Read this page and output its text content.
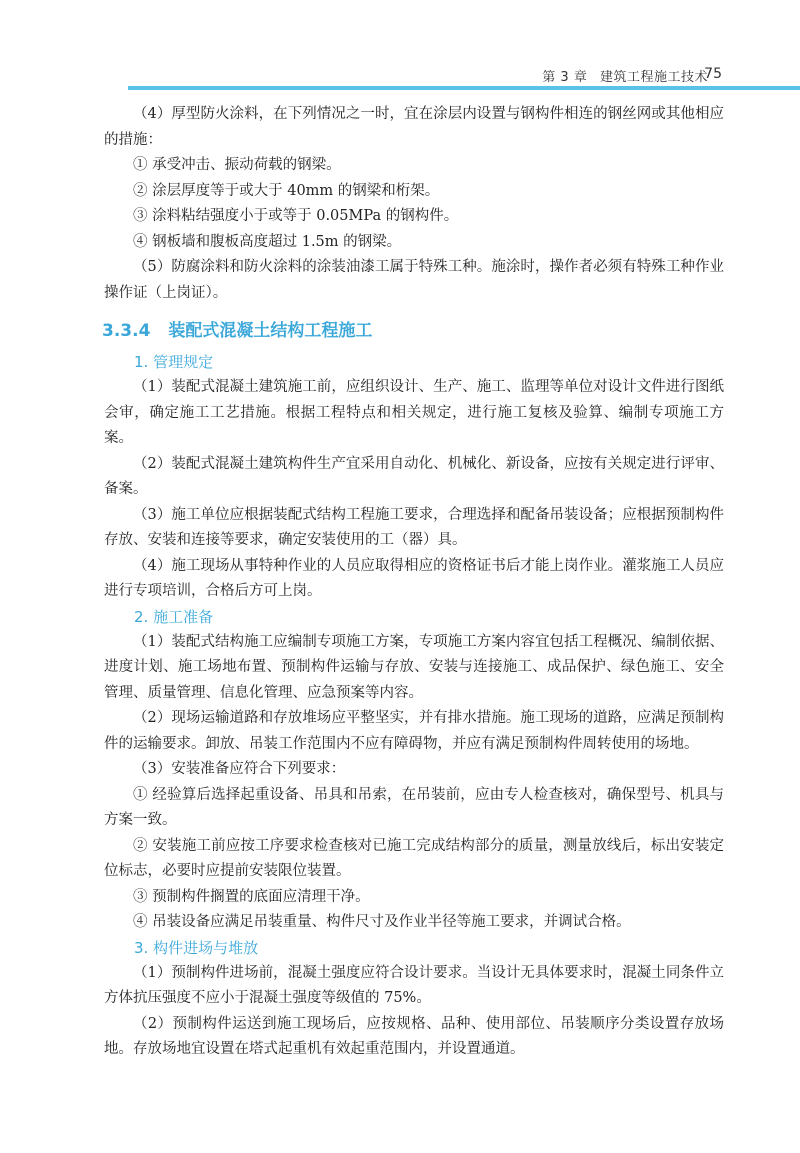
第 3 章 建筑工程施工技术
75

（4）厚型防火涂料，在下列情况之一时，宜在涂层内设置与钢构件相连的钢丝网或其他相应的措施：

① 承受冲击、振动荷载的钢梁。

② 涂层厚度等于或大于 40mm 的钢梁和桁架。

③ 涂料粘结强度小于或等于 0.05MPa 的钢构件。

④ 钢板墙和腹板高度超过 1.5m 的钢梁。

（5）防腐涂料和防火涂料的涂装油漆工属于特殊工种。施涂时，操作者必须有特殊工种作业操作证（上岗证）。

3.3.4 装配式混凝土结构工程施工
1. 管理规定

（1）装配式混凝土建筑施工前，应组织设计、生产、施工、监理等单位对设计文件进行图纸会审，确定施工工艺措施。根据工程特点和相关规定，进行施工复核及验算、编制专项施工方案。

（2）装配式混凝土建筑构件生产宜采用自动化、机械化、新设备，应按有关规定进行评审、备案。

（3）施工单位应根据装配式结构工程施工要求，合理选择和配备吊装设备；应根据预制构件存放、安装和连接等要求，确定安装使用的工（器）具。

（4）施工现场从事特种作业的人员应取得相应的资格证书后才能上岗作业。灌浆施工人员应进行专项培训，合格后方可上岗。

2. 施工准备

（1）装配式结构施工应编制专项施工方案，专项施工方案内容宜包括工程概况、编制依据、进度计划、施工场地布置、预制构件运输与存放、安装与连接施工、成品保护、绿色施工、安全管理、质量管理、信息化管理、应急预案等内容。

（2）现场运输道路和存放堆场应平整坚实，并有排水措施。施工现场的道路，应满足预制构件的运输要求。卸放、吊装工作范围内不应有障碍物，并应有满足预制构件周转使用的场地。

（3）安装准备应符合下列要求：

① 经验算后选择起重设备、吊具和吊索，在吊装前，应由专人检查核对，确保型号、机具与方案一致。

② 安装施工前应按工序要求检查核对已施工完成结构部分的质量，测量放线后，标出安装定位标志，必要时应提前安装限位装置。

③ 预制构件搁置的底面应清理干净。

④ 吊装设备应满足吊装重量、构件尺寸及作业半径等施工要求，并调试合格。

3. 构件进场与堆放

（1）预制构件进场前，混凝土强度应符合设计要求。当设计无具体要求时，混凝土同条件立方体抗压强度不应小于混凝土强度等级值的 75%。

（2）预制构件运送到施工现场后，应按规格、品种、使用部位、吊装顺序分类设置存放场地。存放场地宜设置在塔式起重机有效起重范围内，并设置通道。
